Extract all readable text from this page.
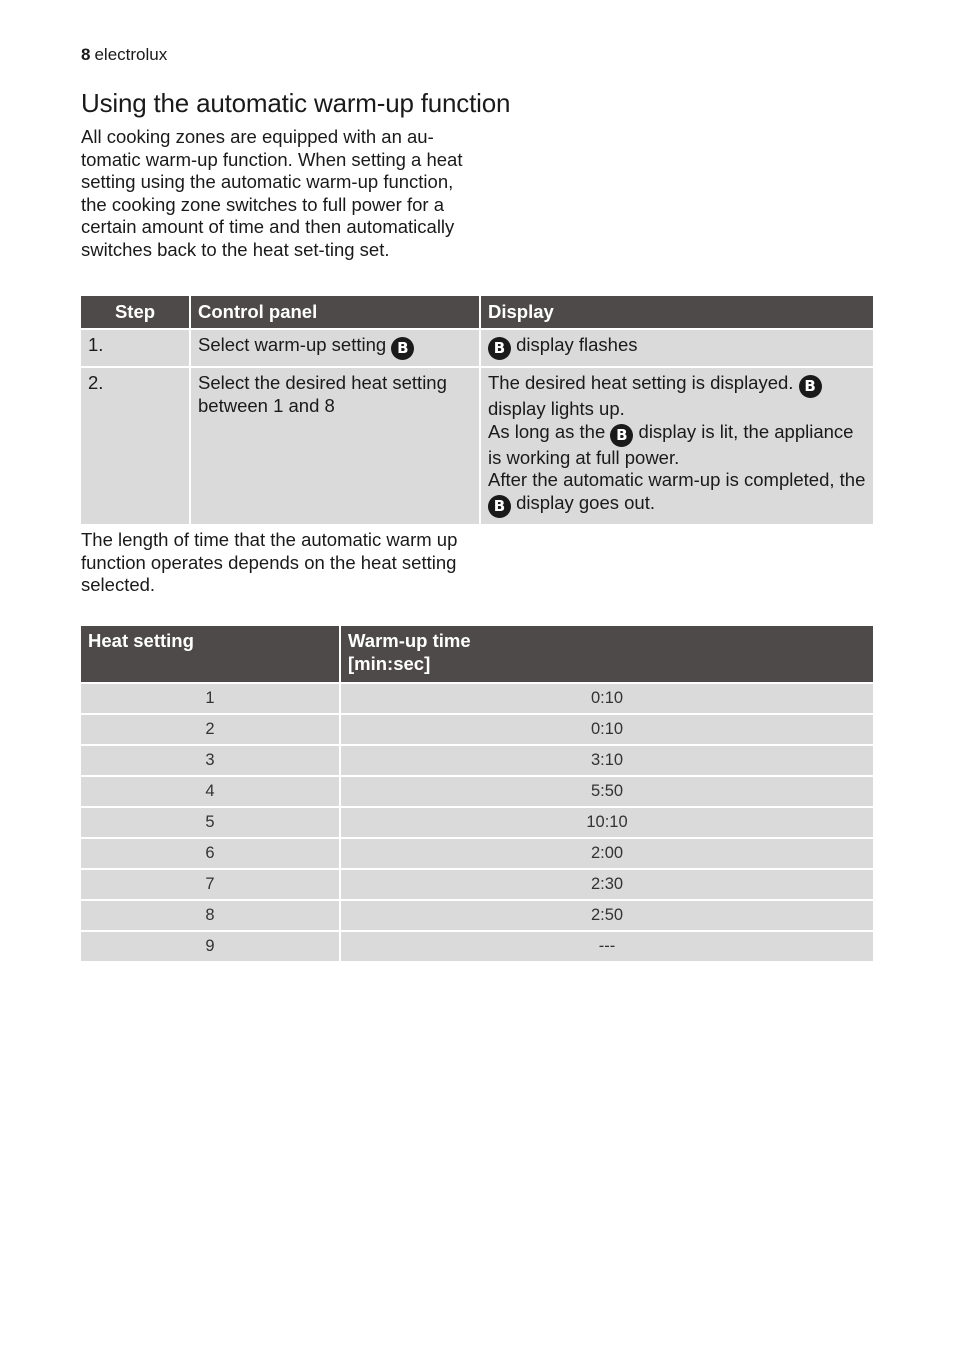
8 electrolux
Using the automatic warm-up function

All cooking zones are equipped with an au-tomatic warm-up function. When setting a heat setting using the automatic warm-up function, the cooking zone switches to full power for a certain amount of time and then automatically switches back to the heat set-ting set.

Step	Control panel	Display
1.	Select warm-up setting B	B display flashes
2.	Select the desired heat setting between 1 and 8	The desired heat setting is displayed. B display lights up.
As long as the B display is lit, the appliance is working at full power.
After the automatic warm-up is completed, the B display goes out.

The length of time that the automatic warm up function operates depends on the heat setting selected.

Heat setting	Warm-up time
[min:sec]
1	0:10
2	0:10
3	3:10
4	5:50
5	10:10
6	2:00
7	2:30
8	2:50
9	---
